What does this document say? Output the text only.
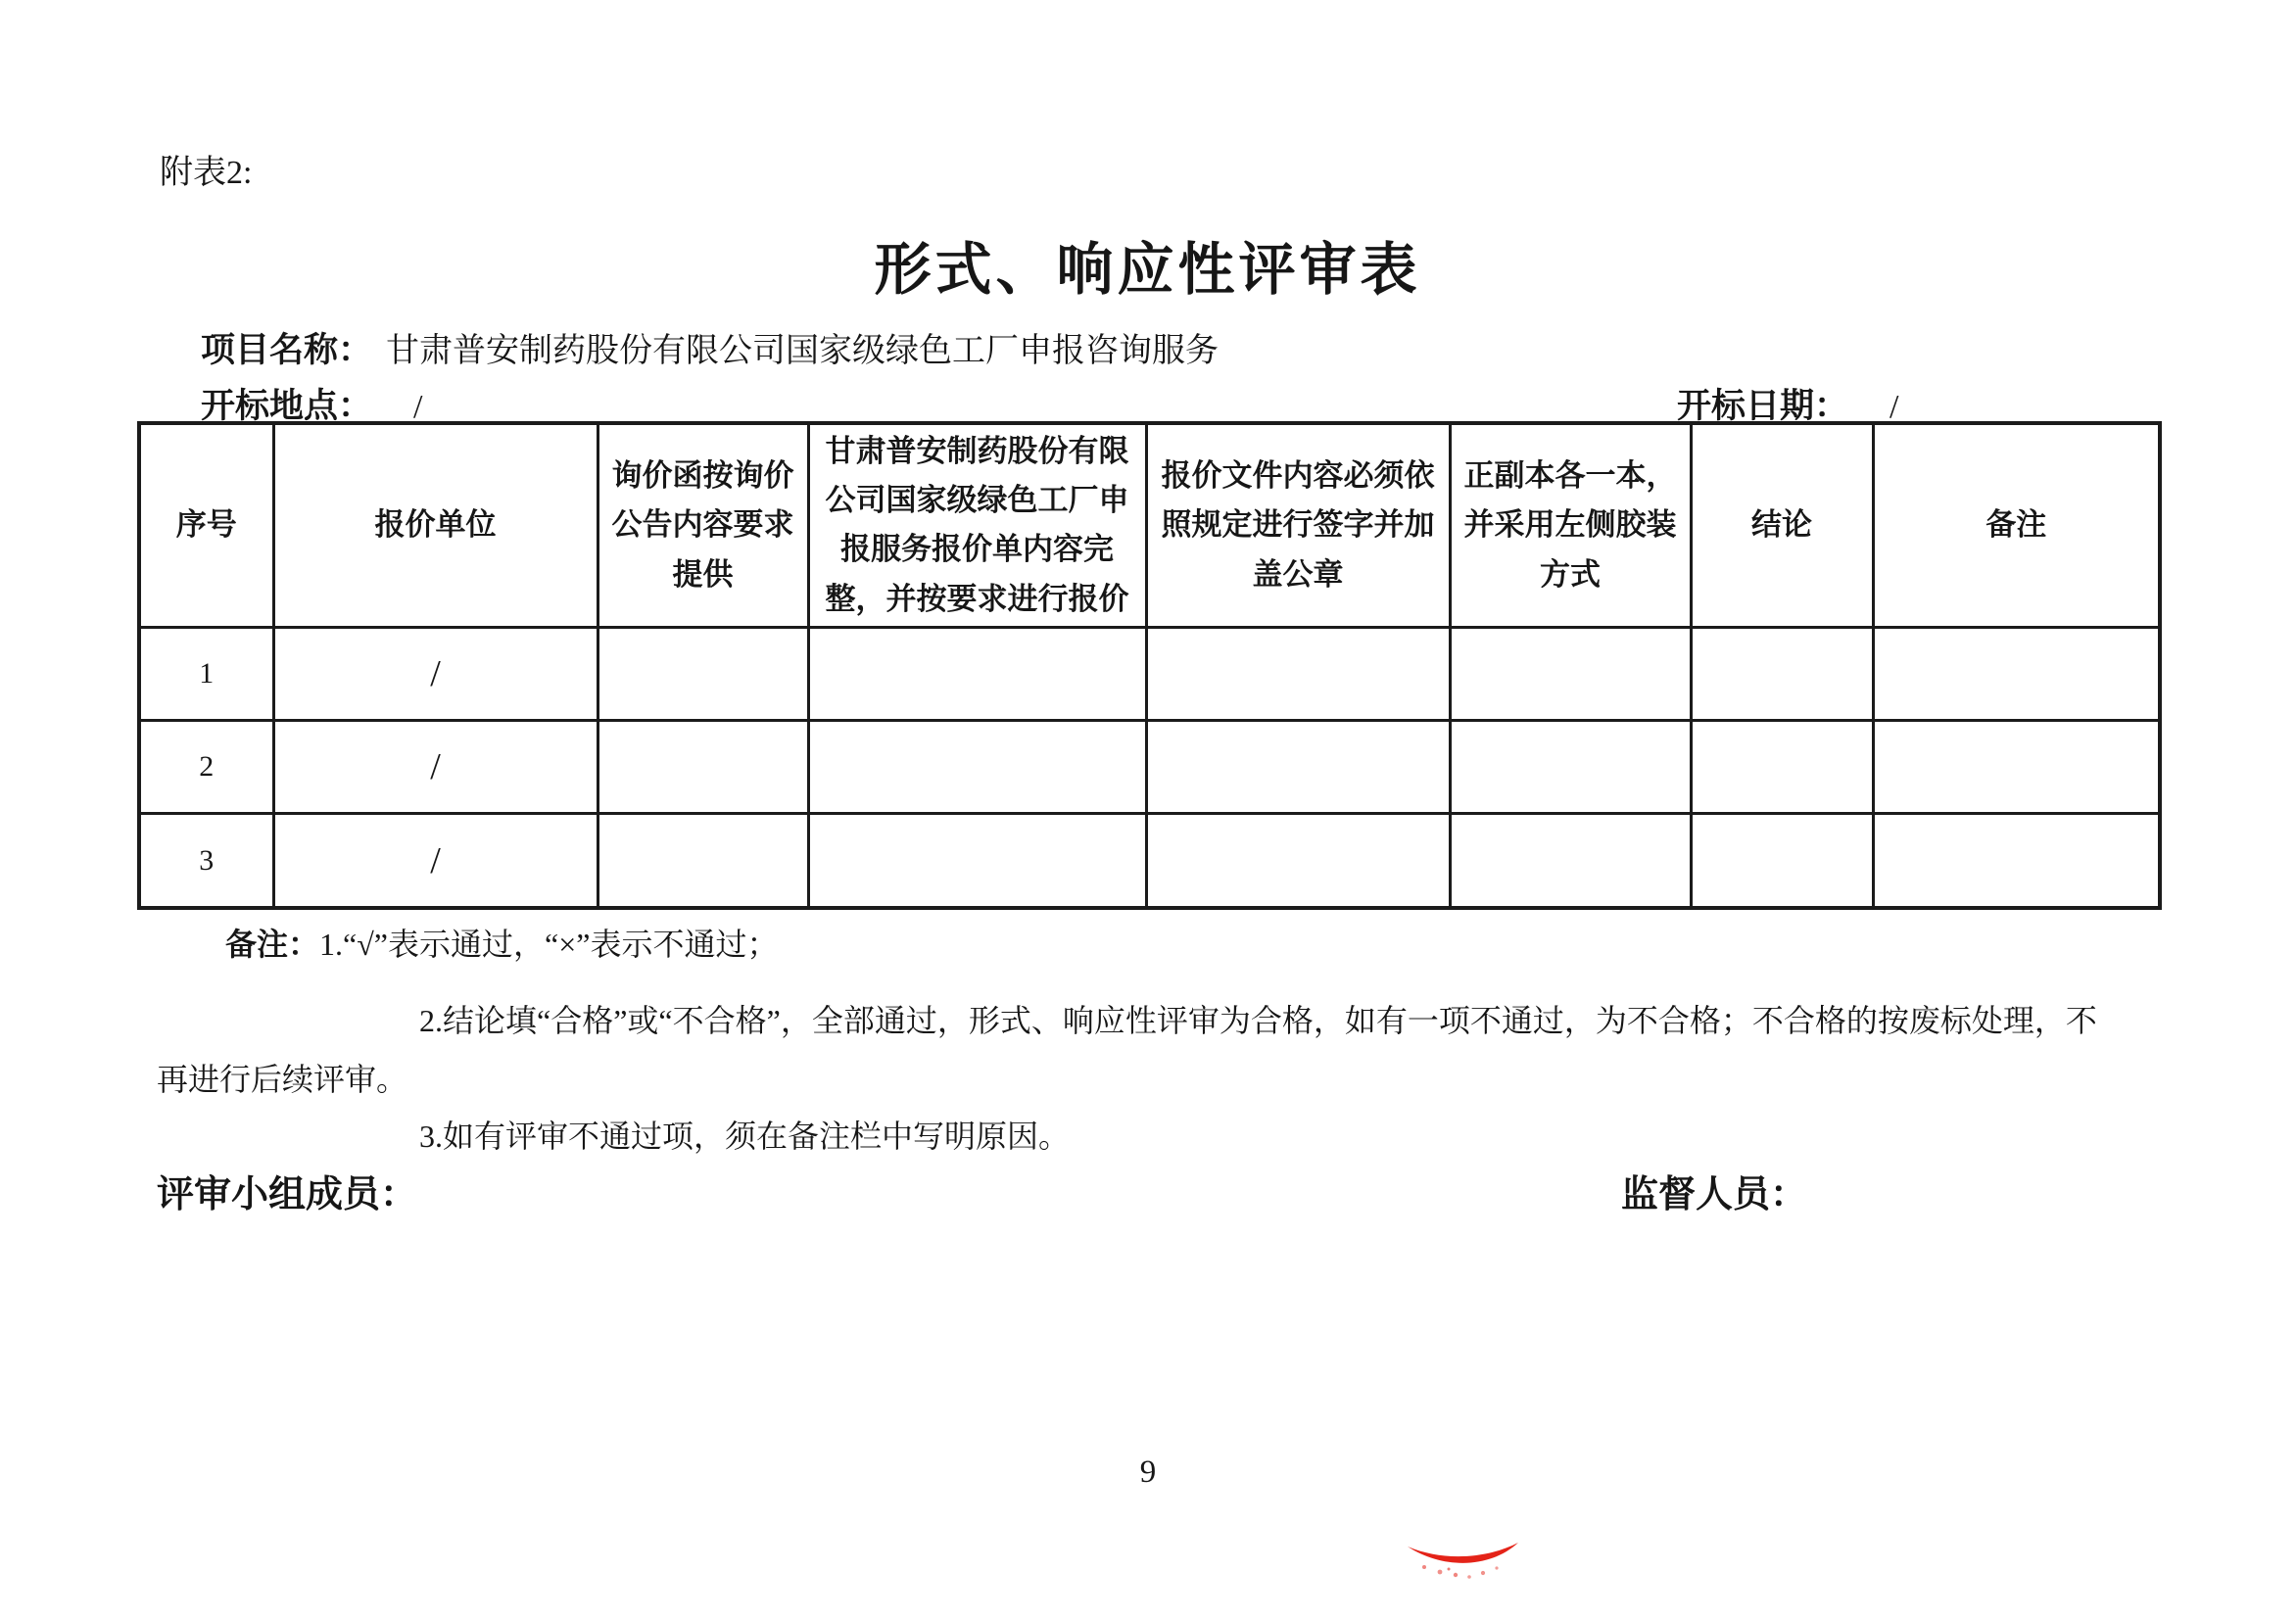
附表2:
形式、响应性评审表
项目名称： 甘肃普安制药股份有限公司国家级绿色工厂申报咨询服务
开标地点： /	开标日期： /
序号	报价单位	询价函按询价公告内容要求提供	甘肃普安制药股份有限公司国家级绿色工厂申报服务报价单内容完整，并按要求进行报价	报价文件内容必须依照规定进行签字并加盖公章	正副本各一本，并采用左侧胶装方式	结论	备注
1	/						
2	/						
3	/						
备注：1.“√”表示通过，“×”表示不通过；
2.结论填“合格”或“不合格”，全部通过，形式、响应性评审为合格，如有一项不通过，为不合格；不合格的按废标处理，不
再进行后续评审。
3.如有评审不通过项，须在备注栏中写明原因。
评审小组成员：	监督人员：
9
